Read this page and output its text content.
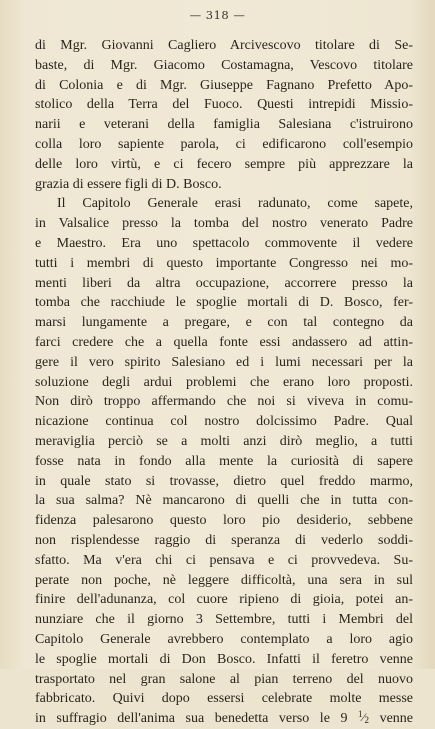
— 318 —
di Mgr. Giovanni Cagliero Arcivescovo titolare di Se-
baste, di Mgr. Giacomo Costamagna, Vescovo titolare
di Colonia e di Mgr. Giuseppe Fagnano Prefetto Apo-
stolico della Terra del Fuoco. Questi intrepidi Missio-
narii e veterani della famiglia Salesiana c'istruirono
colla loro sapiente parola, ci edificarono coll'esempio
delle loro virtù, e ci fecero sempre più apprezzare la
grazia di essere figli di D. Bosco.
Il Capitolo Generale erasi radunato, come sapete,
in Valsalice presso la tomba del nostro venerato Padre
e Maestro. Era uno spettacolo commovente il vedere
tutti i membri di questo importante Congresso nei mo-
menti liberi da altra occupazione, accorrere presso la
tomba che racchiude le spoglie mortali di D. Bosco, fer-
marsi lungamente a pregare, e con tal contegno da
farci credere che a quella fonte essi andassero ad attin-
gere il vero spirito Salesiano ed i lumi necessari per la
soluzione degli ardui problemi che erano loro proposti.
Non dirò troppo affermando che noi si viveva in comu-
nicazione continua col nostro dolcissimo Padre. Qual
meraviglia perciò se a molti anzi dirò meglio, a tutti
fosse nata in fondo alla mente la curiosità di sapere
in quale stato si trovasse, dietro quel freddo marmo,
la sua salma? Nè mancarono di quelli che in tutta con-
fidenza palesarono questo loro pio desiderio, sebbene
non risplendesse raggio di speranza di vederlo soddi-
sfatto. Ma v'era chi ci pensava e ci provvedeva. Su-
perate non poche, nè leggere difficoltà, una sera in sul
finire dell'adunanza, col cuore ripieno di gioia, potei an-
nunziare che il giorno 3 Settembre, tutti i Membri del
Capitolo Generale avrebbero contemplato a loro agio
le spoglie mortali di Don Bosco. Infatti il feretro venne
trasportato nel gran salone al pian terreno del nuovo
fabbricato. Quivi dopo essersi celebrate molte messe
in suffragio dell'anima sua benedetta verso le 9 1⁄2 venne
